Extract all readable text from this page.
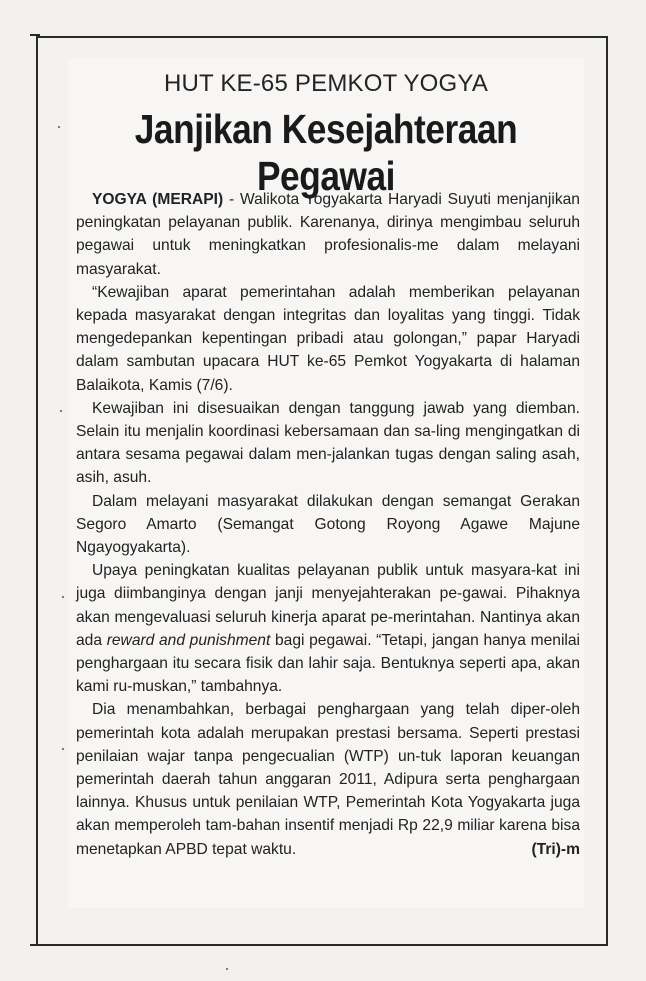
HUT KE-65 PEMKOT YOGYA
Janjikan Kesejahteraan Pegawai

YOGYA (MERAPI) - Walikota Yogyakarta Haryadi Suyuti menjanjikan peningkatan pelayanan publik. Karenanya, dirinya mengimbau seluruh pegawai untuk meningkatkan profesionalis-me dalam melayani masyarakat.

“Kewajiban aparat pemerintahan adalah memberikan pelayanan kepada masyarakat dengan integritas dan loyalitas yang tinggi. Tidak mengedepankan kepentingan pribadi atau golongan,” papar Haryadi dalam sambutan upacara HUT ke-65 Pemkot Yogyakarta di halaman Balaikota, Kamis (7/6).

Kewajiban ini disesuaikan dengan tanggung jawab yang diemban. Selain itu menjalin koordinasi kebersamaan dan sa-ling mengingatkan di antara sesama pegawai dalam men-jalankan tugas dengan saling asah, asih, asuh.

Dalam melayani masyarakat dilakukan dengan semangat Gerakan Segoro Amarto (Semangat Gotong Royong Agawe Majune Ngayogyakarta).

Upaya peningkatan kualitas pelayanan publik untuk masyara-kat ini juga diimbanginya dengan janji menyejahterakan pe-gawai. Pihaknya akan mengevaluasi seluruh kinerja aparat pe-merintahan. Nantinya akan ada reward and punishment bagi pegawai. “Tetapi, jangan hanya menilai penghargaan itu secara fisik dan lahir saja. Bentuknya seperti apa, akan kami ru-muskan,” tambahnya.

Dia menambahkan, berbagai penghargaan yang telah diper-oleh pemerintah kota adalah merupakan prestasi bersama. Seperti prestasi penilaian wajar tanpa pengecualian (WTP) un-tuk laporan keuangan pemerintah daerah tahun anggaran 2011, Adipura serta penghargaan lainnya. Khusus untuk penilaian WTP, Pemerintah Kota Yogyakarta juga akan memperoleh tam-bahan insentif menjadi Rp 22,9 miliar karena bisa menetapkan APBD tepat waktu.	(Tri)-m
